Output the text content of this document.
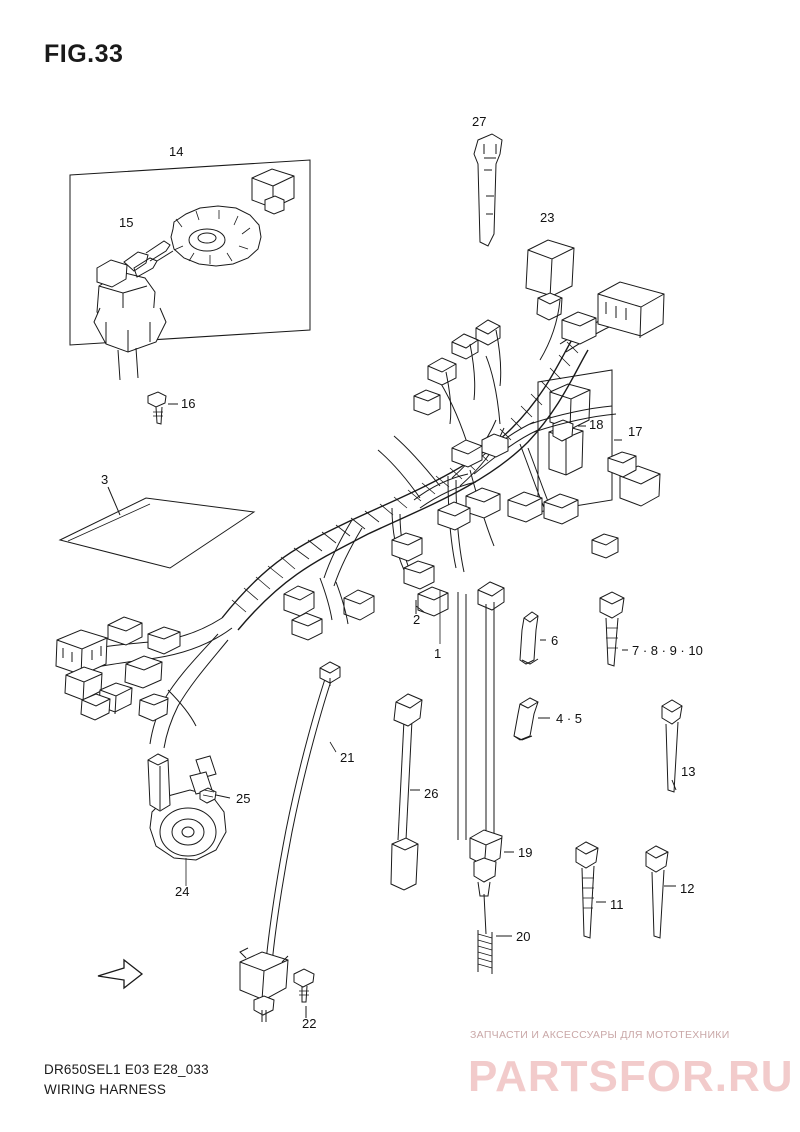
FIG.33
14
15
16
27
23
18 17
3
2
1
6
7 · 8 · 9 · 10
4 · 5
13
21
25	26
19
24
11
12
20
22
ЗАПЧАСТИ И АКСЕССУАРЫ ДЛЯ МОТОТЕХНИКИ
PARTSFOR.RU
DR650SEL1 E03 E28_033
WIRING HARNESS
